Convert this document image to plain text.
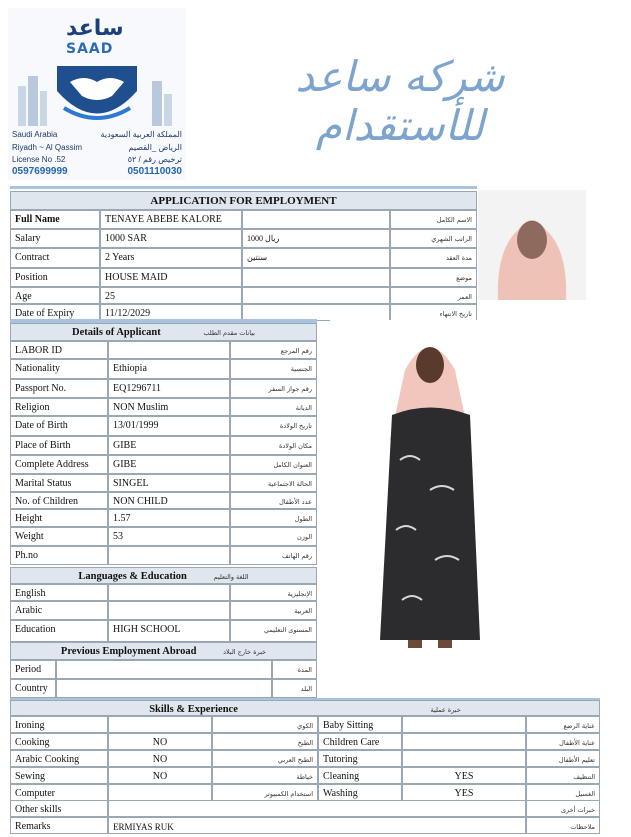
ساعد
SAAD
Saudi Arabia	المملكة العربية السعودية
Riyadh ~ Al Qassim	الرياض _القصيم
License No .52	ترخيص رقم / ٥٢
0597699999	0501110030
شركه ساعد للأستقدام
APPLICATION FOR EMPLOYMENT
Full Name	TENAYE ABEBE KALORE	الاسم الكامل
Salary	1000 SAR	1000 ريال	الراتب الشهري
Contract	2 Years	سنتين	مدة العقد
Position	HOUSE MAID	موضع
Age	25	العمر
Date of Expiry	11/12/2029	تاريخ الانتهاء
Details of Applicant	بيانات مقدم الطلب
LABOR ID	رقم المرجع
Nationality	Ethiopia	الجنسية
Passport No.	EQ1296711	رقم جواز السفر
Religion	NON Muslim	الديانة
Date of Birth	13/01/1999	تاريخ الولادة
Place of Birth	GIBE	مكان الولادة
Complete Address	GIBE	العنوان الكامل
Marital Status	SINGEL	الحالة الاجتماعية
No. of Children	NON CHILD	عدد الأطفال
Height	1.57	الطول
Weight	53	الوزن
Ph.no	رقم الهاتف
Languages & Education	اللغة والتعليم
English	الإنجليزية
Arabic	العربية
Education	HIGH SCHOOL	المستوى التعليمي
Previous Employment Abroad	خبرة خارج البلاد
Period	المدة
Country	البلد
Skills & Experience	خبرة عملية
Ironing	الكوي
Cooking	NO	الطبخ
Arabic Cooking	NO	الطبخ العربي
Sewing	NO	خياطة
Computer	استخدام الكمبيوتر
Baby Sitting	عناية الرضع
Children Care	عناية الأطفال
Tutoring	تعليم الأطفال
Cleaning	YES	التنظيف
Washing	YES	الغسيل
Other skills	خبرات أخرى
Remarks	ERMIYAS RUK	ملاحظات
